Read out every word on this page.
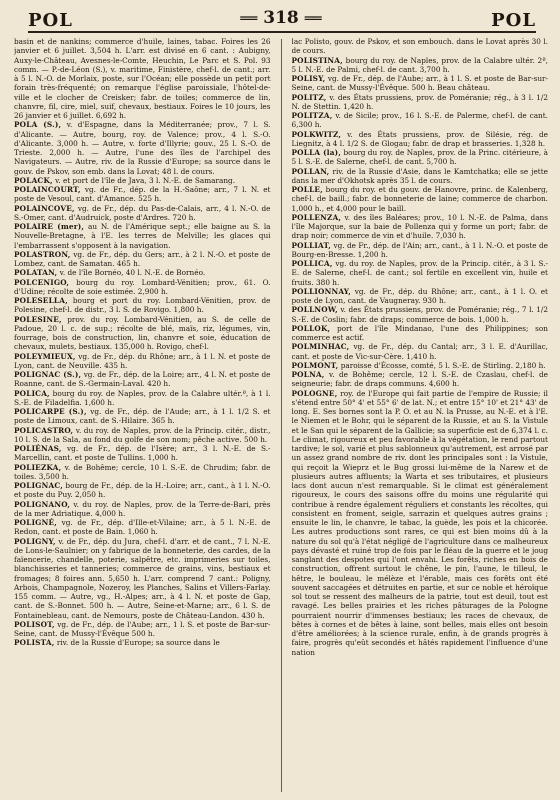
POL	══ 318 ══	POL

basin et de nankins; commerce d'huile, laines, tabac. Foires les 26 janvier et 6 juillet. 3,504 h. L'arr. est divisé en 6 cant. : Aubigny, Auxy-le-Château, Avesnes-le-Comte, Heuchin, Le Parc et S. Pol. 93 comm. — P.-de-Léon (S.), v. maritime, Finistère, chef-l. de cant.; arr. à 5 l. N.-O. de Morlaix, poste, sur l'Océan; elle possède un petit port forain très-fréquenté; on remarque l'église paroissiale, l'hôtel-de-ville et le clocher de Creisker; fabr. de toiles; commerce de lin, chanvre, fil, cire, miel, suif, chevaux, bestiaux. Foires le 10 jours, les 26 janvier et 6 juillet. 6,692 h.

POLA (S.), v. d'Espagne, dans la Méditerranée; prov., 7 l. S. d'Alicante. — Autre, bourg, roy. de Valence; prov., 4 l. S.-O. d'Alicante. 3,000 h. — Autre, v. forte d'Illyrie; gouv., 25 l. S.-O. de Trieste. 2,000 h. — Autre, l'une des îles de l'archipel des Navigateurs. — Autre, riv. de la Russie d'Europe; sa source dans le gouv. de Pskov, son emb. dans la Lovat; 48 l. de cours.

POLACK, v. et port de l'île de Java, 3 l. N.-E. de Samarang.

POLAINCOURT, vg. de Fr., dép. de la H.-Saône; arr., 7 l. N. et poste de Vesoul, cant. d'Amance. 525 h.

POLAINCOVE, vg. de Fr., dép. du Pas-de-Calais, arr., 4 l. N.-O. de S.-Omer, cant. d'Audruick, poste d'Ardres. 720 h.

POLAIRE (mer), au N. de l'Amérique sept.; elle baigne au S. la Nouvelle-Bretagne, à l'E. les terres de Melville; les glaces qui l'embarrassent s'opposent à la navigation.

POLASTRON, vg. de Fr., dép. du Gers; arr., à 2 l. N.-O. et poste de Lombez, cant. de Samatan. 465 h.

POLATAN, v. de l'île Bornéo, 40 l. N.-E. de Bornéo.

POLCENIGO, bourg du roy. Lombard-Vénitien; prov., 61. O. d'Udine; récolte de soie estimée. 2,900 h.

POLESELLA, bourg et port du roy. Lombard-Vénitien, prov. de Polesine, chef-l. de distr., 3 l. S. de Rovigo. 1,800 h.

POLESINE, prov. du roy. Lombard-Vénitien, au S. de celle de Padoue, 20 l. c. de sup.; récolte de blé, maïs, riz, légumes, vin, fourrage, bois de construction, lin, chanvre et soie, éducation de chevaux, mulets, bestiaux. 135,000 h. Rovigo, chef-l.

POLEYMIEUX, vg. de Fr., dép. du Rhône; arr., à 1 l. N. et poste de Lyon, cant. de Neuville. 435 h.

POLIGNAC (S.), vg. de Fr., dép. de la Loire; arr., 4 l. N. et poste de Roanne, cant. de S.-Germain-Laval. 420 h.

POLICA, bourg du roy. de Naples, prov. de la Calabre ultér.ª, à 1 l. S.-E. de Filadelfia. 1,600 h.

POLICARPE (S.), vg. de Fr., dép. de l'Aude; arr., à 1 l. 1/2 S. et poste de Limoux, cant. de S.-Hilaire. 365 h.

POLICASTRO, v. du roy. de Naples, prov. de la Princip. citér., distr., 10 l. S. de la Sala, au fond du golfe de son nom; pêche active. 500 h.

POLIÉNAS, vg. de Fr., dép. de l'Isère; arr., 3 l. N.-E. de S.-Marcellin, cant. et poste de Tullins. 1,000 h.

POLIEZKA, v. de Bohême; cercle, 10 l. S.-E. de Chrudim; fabr. de toiles. 3,500 h.

POLIGNAC, bourg de Fr., dép. de la H.-Loire; arr., cant., à 1 l. N.-O. et poste du Puy. 2,050 h.

POLIGNANO, v. du roy. de Naples, prov. de la Terre-de-Bari, près de la mer Adriatique. 4,000 h.

POLIGNÉ, vg. de Fr., dép. d'Ille-et-Vilaine; arr., à 5 l. N.-E. de Redon, cant. et poste de Bain. 1,060 h.

POLIGNY, v. de Fr., dép. du Jura, chef-l. d'arr. et de cant., 7 l. N.-E. de Lons-le-Saulnier; on y fabrique de la bonneterie, des cardes, de la faïencerie, chandelle, poterie, salpêtre, etc. imprimeries sur toiles, blanchisseries et tanneries; commerce de grains, vins, bestiaux et fromages; 8 foires ann. 5,650 h. L'arr. comprend 7 cant.: Poligny, Arbois, Champagnole, Nozeroy, les Planches, Salins et Villers-Farlay. 155 comm. — Autre, vg., H.-Alpes; arr., à 4 l. N. et poste de Gap, cant. de S.-Bonnet. 500 h. — Autre, Seine-et-Marne; arr., 6 l. S. de Fontainebleau, cant. de Nemours, poste de Château-Landon. 430 h.

POLISOT, vg. de Fr., dép. de l'Aube; arr., 1 l. S. et poste de Bar-sur-Seine, cant. de Mussy-l'Évêque 500 h.

POLISTA, riv. de la Russie d'Europe; sa source dans le

lac Polisto, gouv. de Pskov, et son embouch. dans le Lovat après 30 l. de cours.

POLISTINA, bourg du roy. de Naples, prov. de la Calabre ultér. 2ª, 5 l. N.-E. de Palmi, chef-l. de cant. 3,700 h.

POLISY, vg. de Fr., dép. de l'Aube; arr., à 1 l. S. et poste de Bar-sur-Seine, cant. de Mussy-l'Évêque. 500 h. Beau château.

POLITZ, v. des États prussiens, prov. de Poméranie; rég., à 3 l. 1/2 N. de Stettin. 1,420 h.

POLITZA, v. de Sicile; prov., 16 l. S.-E. de Palerme, chef-l. de cant. 6,300 h.

POLKWITZ, v. des États prussiens, prov. de Silésie, rég. de Liegnitz, à 4 l. 1/2 S. de Glogau; fabr. de drap et brasseries. 1,328 h.

POLLA (la), bourg du roy. de Naples, prov. de la Princ. citérieure, à 5 l. S.-E. de Salerne, chef-l. de cant. 5,700 h.

POLLAN, riv. de la Russie d'Asie, dans le Kamtchatka; elle se jette dans la mer d'Okhotsk après 35 l. de cours.

POLLE, bourg du roy. et du gouv. de Hanovre, princ. de Kalenberg, chef-l. de baill.; fabr. de bonneterie de laine; commerce de charbon. 1,000 h., et 4,000 pour le baill.

POLLENZA, v. des îles Baléares; prov., 10 l. N.-E. de Palma, dans l'île Majorque, sur la baie de Pollenza qui y forme un port; fabr. de drap noir; commerce de vin et d'huile. 7,030 h.

POLLIAT, vg. de Fr., dép. de l'Ain; arr., cant., à 1 l. N.-O. et poste de Bourg-en-Bresse. 1,200 h.

POLLICA, vg. du roy. de Naples, prov. de la Princip. citér., à 3 l. S.-E. de Salerne, chef-l. de cant.; sol fertile en excellent vin, huile et fruits. 380 h.

POLLIONNAY, vg. de Fr., dép. du Rhône; arr., cant., à 1 l. O. et poste de Lyon, cant. de Vaugneray. 930 h.

POLLNOW, v. des États prussiens, prov. de Poméranie; rég., 7 l. 1/2 S.-E. de Coslin; fabr. de draps; commerce de bois. 1,000 h.

POLLOK, port de l'île Mindanao, l'une des Philippines; son commerce est actif.

POLMINHAC, vg. de Fr., dép. du Cantal; arr., 3 l. E. d'Aurillac, cant. et poste de Vic-sur-Cère. 1,410 h.

POLMONT, paroisse d'Écosse, comté, 5 l. S.-E. de Stirling. 2,180 h.

POLNA, v. de Bohême; cercle, 12 l. S.-E. de Czaslau, chef-l. de seigneurie; fabr. de draps communs. 4,600 h.

POLOGNE, roy. de l'Europe qui fait partie de l'empire de Russie; il s'étend entre 50° 4' et 55° 6' de lat. N.; et entre 15° 10' et 21° 43' de long. E. Ses bornes sont la P. O. et au N. la Prusse, au N.-E. et à l'E. le Niemen et le Bohr, qui le séparent de la Russie, et au S. la Vistule et le San qui le séparent de la Gallicie; sa superficie est de 6,374 l. c. Le climat, rigoureux et peu favorable à la végétation, le rend partout tardive; le sol, varié et plus sablonneux qu'autrement, est arrosé par un assez grand nombre de riv. dont les principales sont : la Vistule, qui reçoit la Wieprz et le Bug grossi lui-même de la Narew et de plusieurs autres affluents; la Warta et ses tributaires, et plusieurs lacs dont aucun n'est remarquable. Si le climat est généralement rigoureux, le cours des saisons offre du moins une régularité qui contribue à rendre également réguliers et constants les récoltes, qui consistent en froment, seigle, sarrazin et quelques autres grains ; ensuite le lin, le chanvre, le tabac, la guède, les pois et la chicorée. Les autres productions sont rares, ce qui est bien moins dû à la nature du sol qu'à l'état négligé de l'agriculture dans ce malheureux pays dévasté et ruiné trop de fois par le fléau de la guerre et le joug sanglant des despotes qui l'ont envahi. Les forêts, riches en bois de construction, offrent surtout le chêne, le pin, l'aune, le tilleul, le hêtre, le bouleau, le mélèze et l'érable, mais ces forêts ont été souvent saccagées et détruites en partie, et sur ce noble et héroïque sol tout se ressent des malheurs de la patrie, tout est deuil, tout est ravagé. Les belles prairies et les riches pâturages de la Pologne pourraient nourrir d'immenses bestiaux; les races de chevaux, de bêtes à cornes et de bêtes à laine, sont belles, mais elles ont besoin d'être améliorées; à la science rurale, enfin, à de grands progrès à faire, progrès qu'eût secondés et hâtés rapidement l'influence d'une nation
